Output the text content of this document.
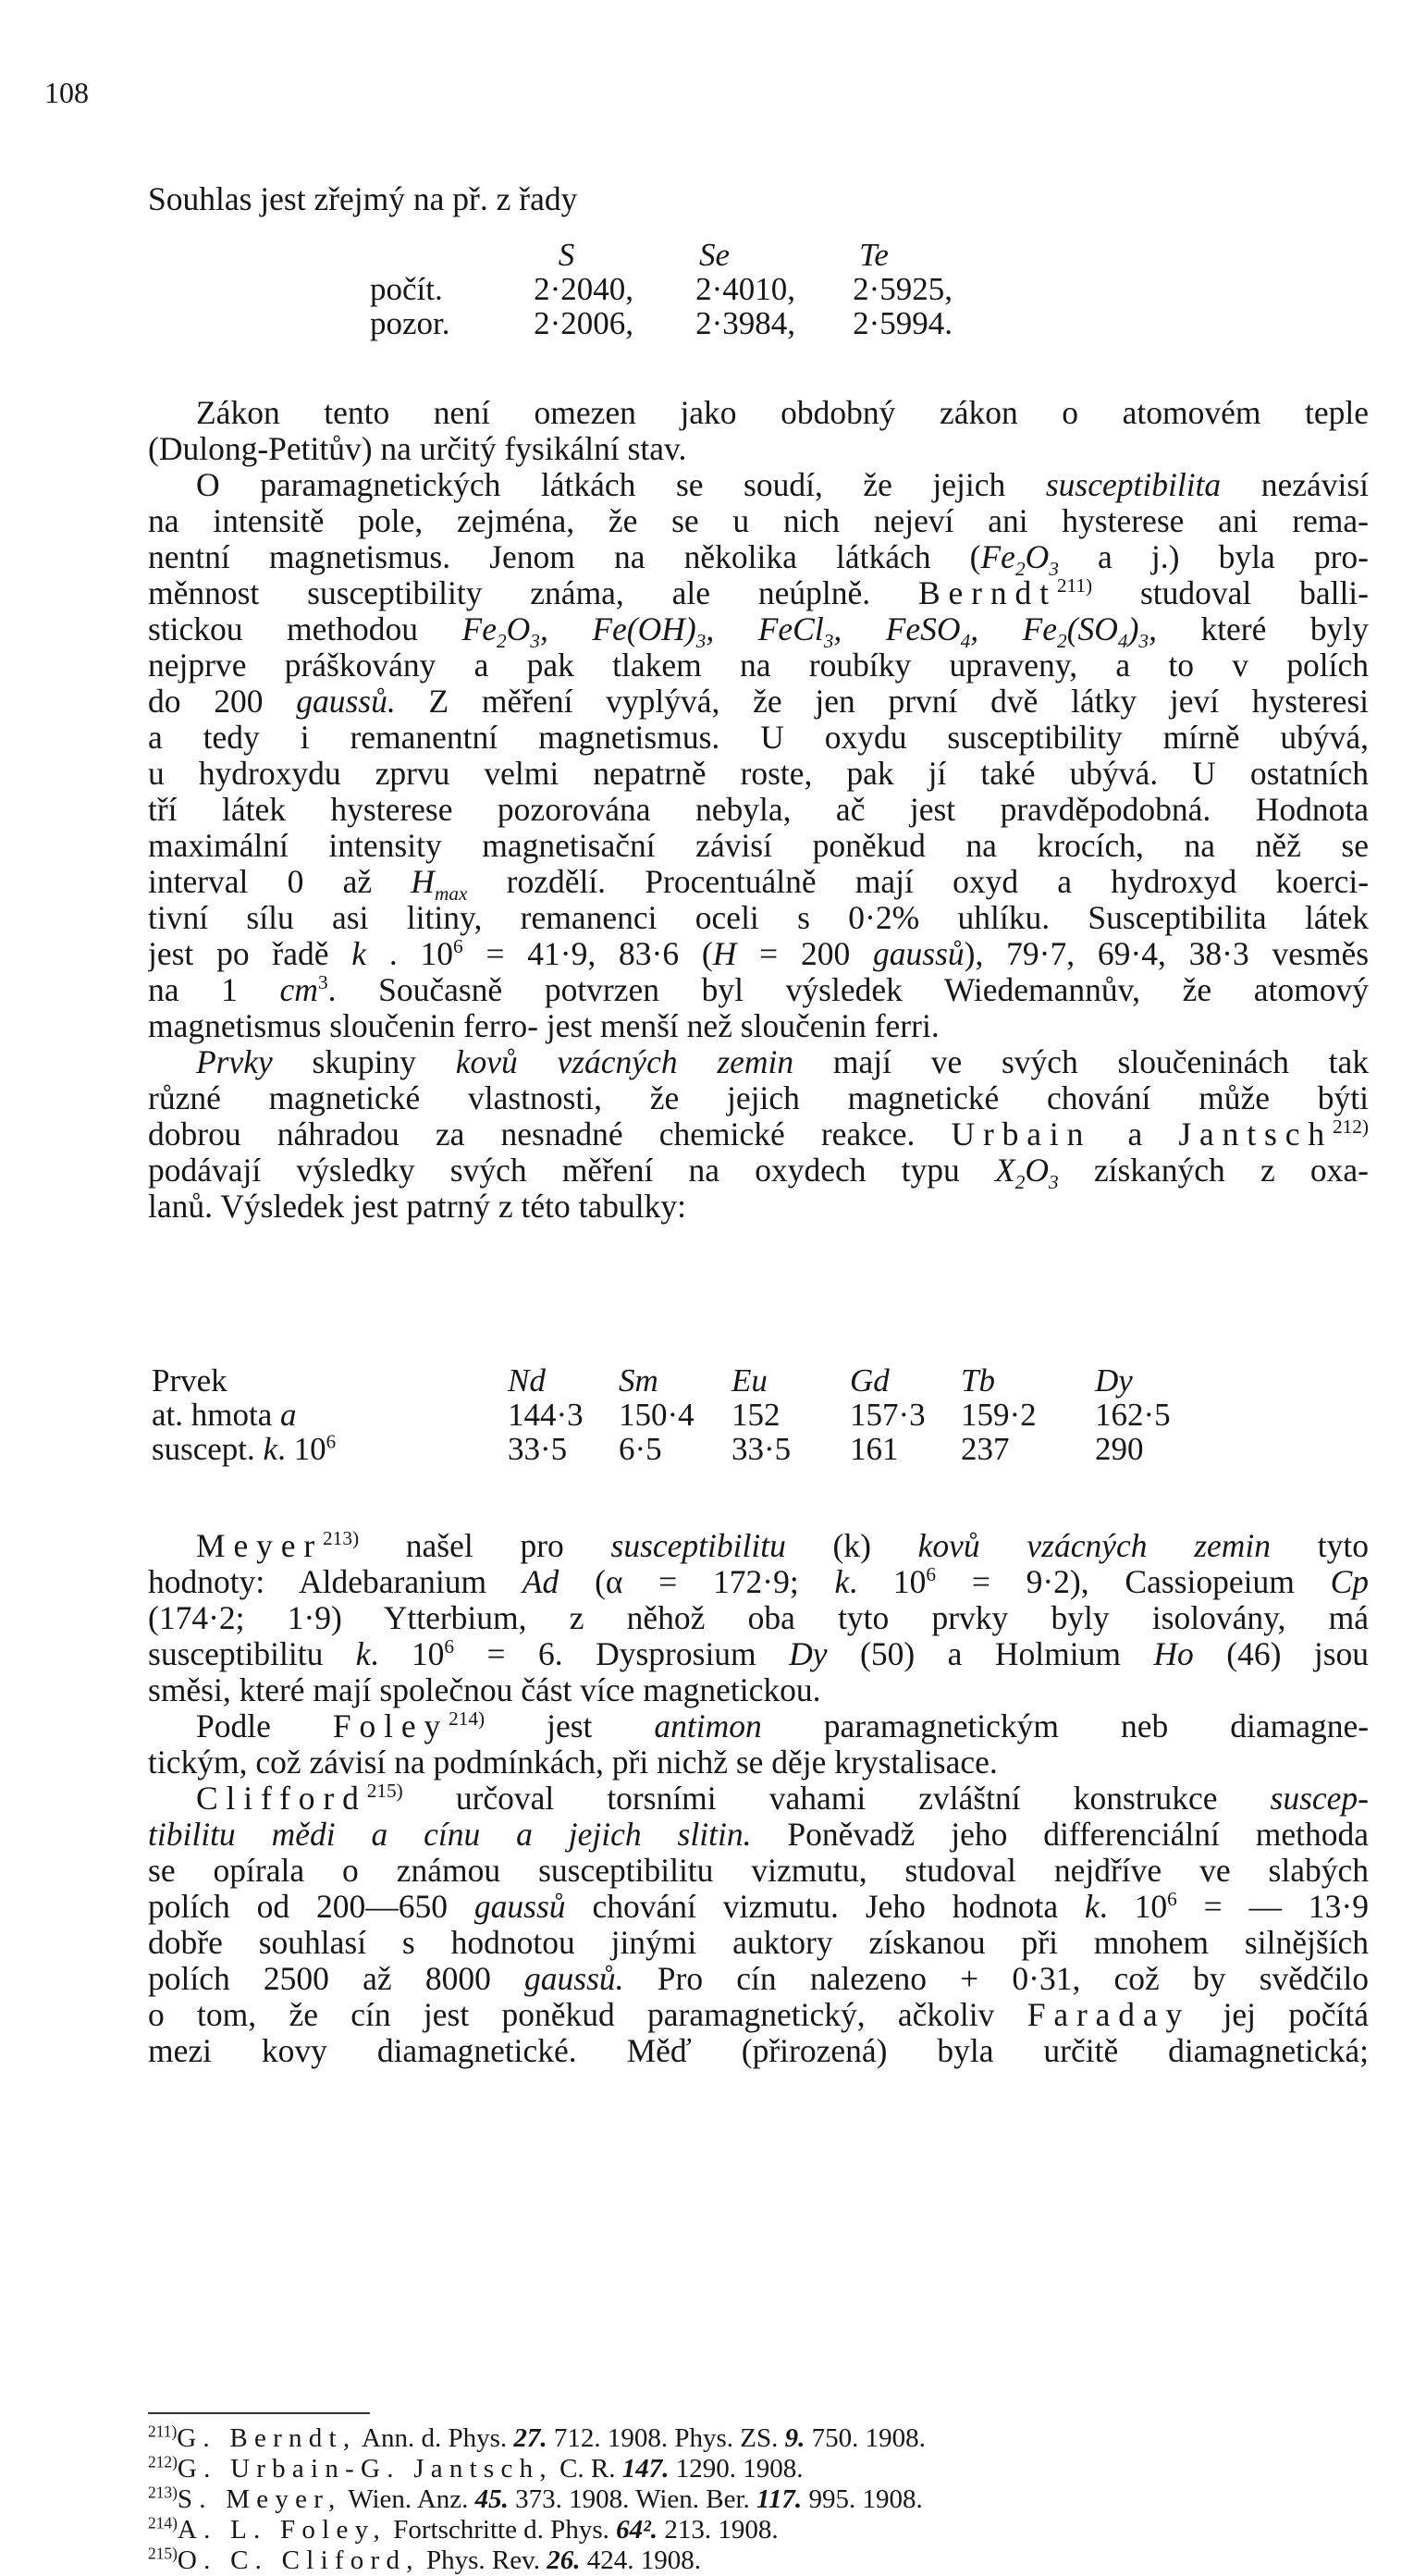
108
Souhlas jest zřejmý na př. z řady
	S	Se	Te
počít.	2·2040,	2·4010,	2·5925,
pozor.	2·2006,	2·3984,	2·5994.
Zákon tento není omezen jako obdobný zákon o atomovém teple
(Dulong-Petitův) na určitý fysikální stav.
O paramagnetických látkách se soudí, že jejich susceptibilita nezávisí
na intensitě pole, zejména, že se u nich nejeví ani hysterese ani rema-
nentní magnetismus. Jenom na několika látkách ($Fe_2O_3$ a j.) byla pro-
měnnost susceptibility známa, ale neúplně. Berndt$^{211)}$ studoval balli-
stickou methodou $Fe_2O_3$, $Fe(OH)_3$, FeCl$_3$, FeSO$_4$, $Fe_2(SO_4)_3$, které byly
nejprve práškovány a pak tlakem na roubíky upraveny, a to v polích
do 200 gaussů. Z měření vyplývá, že jen první dvě látky jeví hysteresi
a tedy i remanentní magnetismus. U oxydu susceptibility mírně ubývá,
u hydroxydu zprvu velmi nepatrně roste, pak jí také ubývá. U ostatních
tří látek hysterese pozorována nebyla, ač jest pravděpodobná. Hodnota
maximální intensity magnetisační závisí poněkud na krocích, na něž se
interval 0 až $H_{max}$ rozdělí. Procentuálně mají oxyd a hydroxyd koerci-
tivní sílu asi litiny, remanenci oceli s 0·2% uhlíku. Susceptibilita látek
jest po řadě k . $10^6 = 41\cdot 9$, 83·6 (H = 200 gaussů), 79·7, 69·4, 38·3 vesměs
na 1 $cm^3$. Současně potvrzen byl výsledek Wiedemannův, že atomový
magnetismus sloučenin ferro- jest menší než sloučenin ferri.
Prvky skupiny kovů vzácných zemin mají ve svých sloučeninách tak
různé magnetické vlastnosti, že jejich magnetické chování může býti
dobrou náhradou za nesnadné chemické reakce. Urbain a Jantsch$^{212)}$
podávají výsledky svých měření na oxydech typu $X_2O_3$ získaných z oxa-
lanů. Výsledek jest patrný z této tabulky:
Prvek	Nd	Sm	Eu	Gd	Tb	Dy
at. hmota a	144·3	150·4	152	157·3	159·2	162·5
suscept. k. $10^6$	33·5	6·5	33·5	161	237	290
Meyer$^{213)}$ našel pro susceptibilitu (k) kovů vzácných zemin tyto
hodnoty: Aldebaranium Ad (α = 172·9; k. $10^6 = 9\cdot 2$), Cassiopeium Cp
(174·2; 1·9) Ytterbium, z něhož oba tyto prvky byly isolovány, má
susceptibilitu k. $10^6 = 6$. Dysprosium Dy (50) a Holmium Ho (46) jsou
směsi, které mají společnou část více magnetickou.
Podle Foley$^{214)}$ jest antimon paramagnetickým neb diamagne-
tickým, což závisí na podmínkách, při nichž se děje krystalisace.
Clifford$^{215)}$ určoval torsními vahami zvláštní konstrukce suscep-
tibilitu mědi a cínu a jejich slitin. Poněvadž jeho differenciální methoda
se opírala o známou susceptibilitu vizmutu, studoval nejdříve ve slabých
polích od 200—650 gaussů chování vizmutu. Jeho hodnota k. $10^6$ = — 13·9
dobře souhlasí s hodnotou jinými auktory získanou při mnohem silnějších
polích 2500 až 8000 gaussů. Pro cín nalezeno + 0·31, což by svědčilo
o tom, že cín jest poněkud paramagnetický, ačkoliv Faraday jej počítá
mezi kovy diamagnetické. Měď (přirozená) byla určitě diamagnetická;
$^{211)}$G. Berndt, Ann. d. Phys. 27. 712. 1908. Phys. ZS. 9. 750. 1908.
$^{212)}$G. Urbain-G. Jantsch, C. R. 147. 1290. 1908.
$^{213)}$S. Meyer, Wien. Anz. 45. 373. 1908. Wien. Ber. 117. 995. 1908.
$^{214)}$A. L. Foley, Fortschritte d. Phys. 64². 213. 1908.
$^{215)}$O. C. Cliford, Phys. Rev. 26. 424. 1908.
